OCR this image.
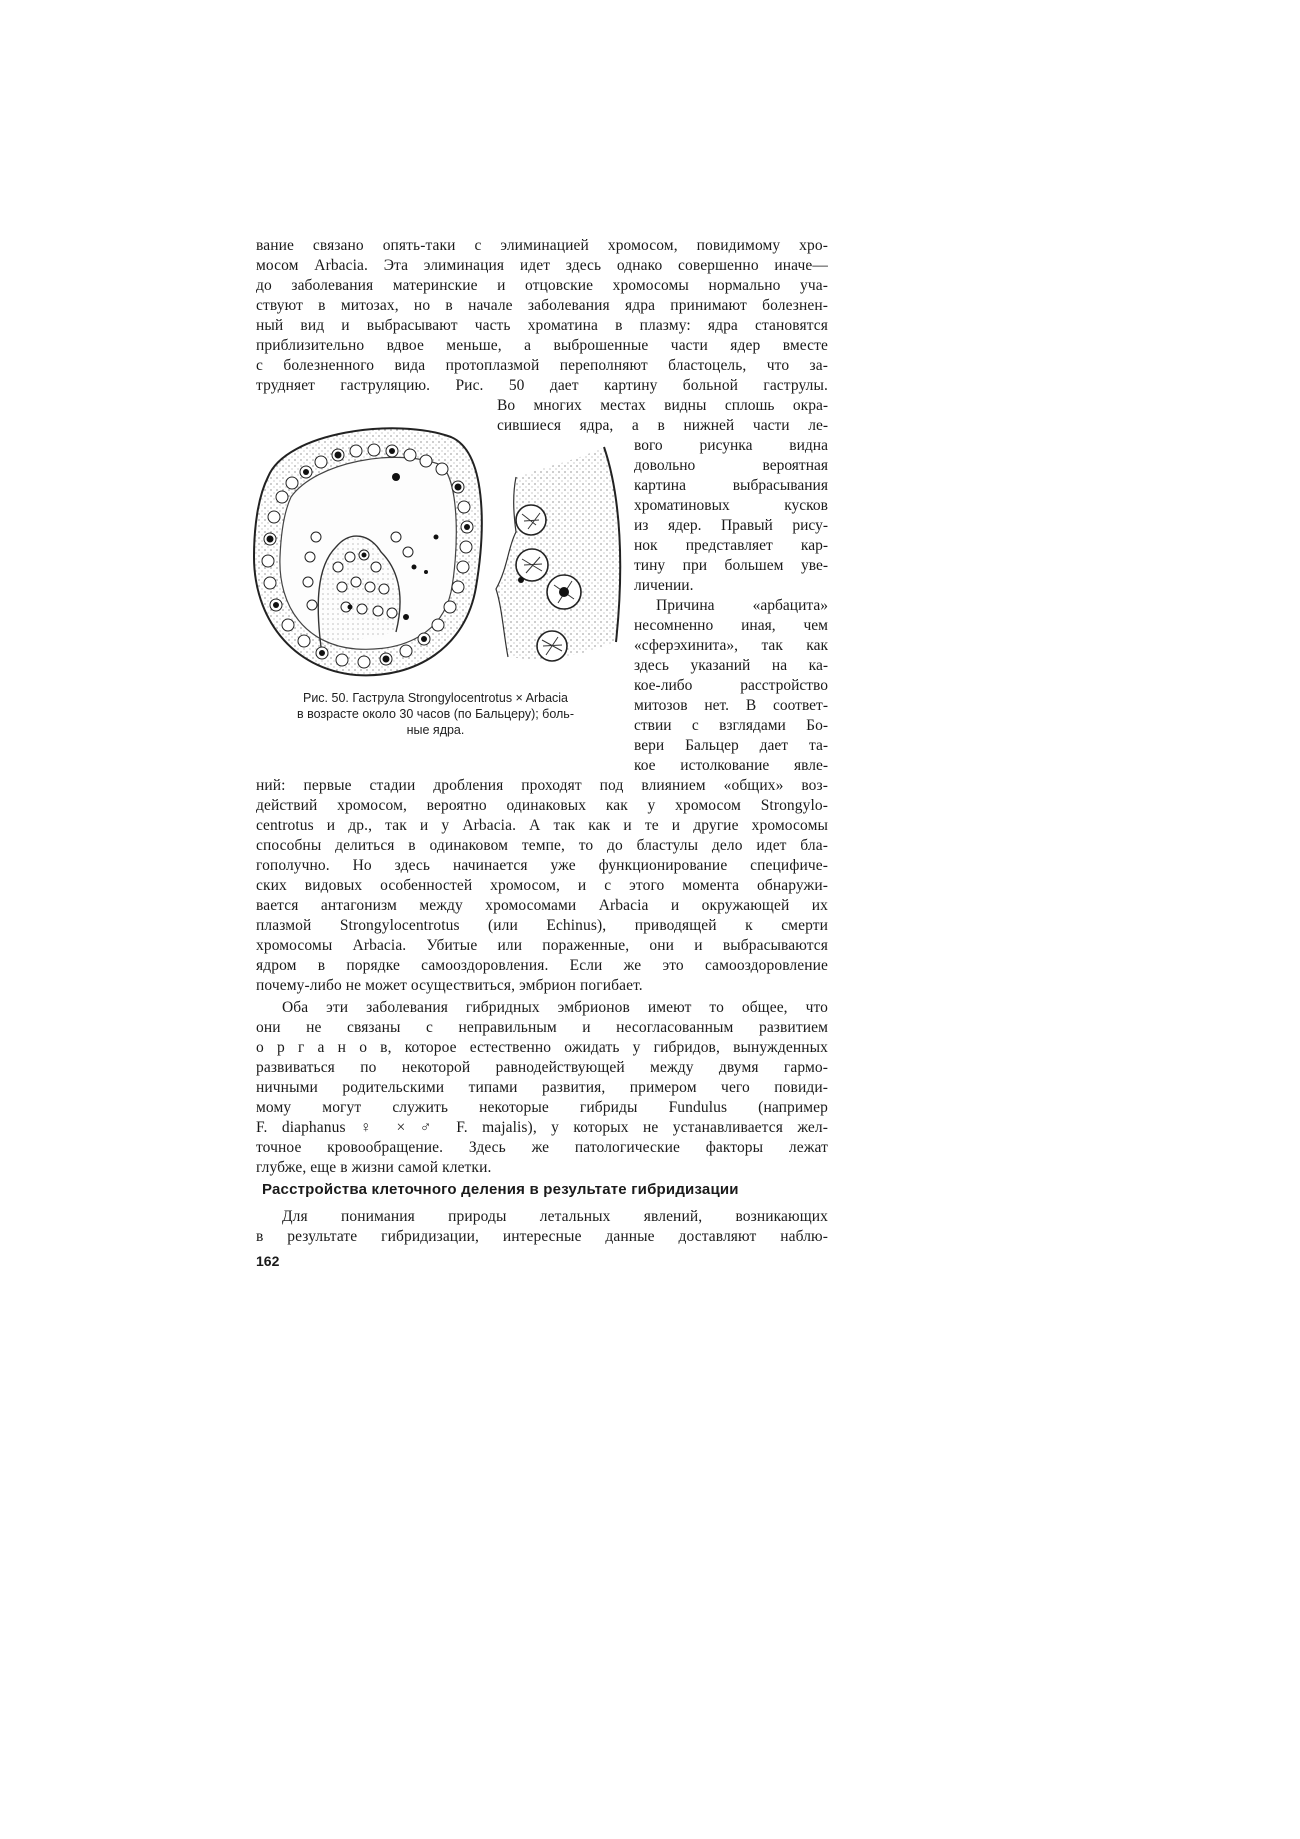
вание связано опять-таки с элиминацией хромосом, повидимому хро-
мосом Arbacia. Эта элиминация идет здесь однако совершенно иначе—
до заболевания материнские и отцовские хромосомы нормально уча-
ствуют в митозах, но в начале заболевания ядра принимают болезнен-
ный вид и выбрасывают часть хроматина в плазму: ядра становятся
приблизительно вдвое меньше, а выброшенные части ядер вместе
с болезненного вида протоплазмой переполняют бластоцель, что за-
трудняет гаструляцию. Рис. 50 дает картину больной гаструлы.
Во многих местах видны сплошь окра-
сившиеся ядра, а в нижней части ле-
вого рисунка видна
довольно вероятная
картина выбрасывания
хроматиновых кусков
из ядер. Правый рису-
нок представляет кар-
тину при большем уве-
личении.
Причина «арбацита»
несомненно иная, чем
«сферэхинита», так как
здесь указаний на ка-
кое-либо расстройство
митозов нет. В соответ-
ствии с взглядами Бо-
вери Бальцер дает та-
кое истолкование явле-
Рис. 50. Гаструла Strongylocentrotus × Arbacia
в возрасте около 30 часов (по Бальцеру); боль-
ные ядра.
ний: первые стадии дробления проходят под влиянием «общих» воз-
действий хромосом, вероятно одинаковых как у хромосом Strongylo-
centrotus и др., так и у Arbacia. А так как и те и другие хромосомы
способны делиться в одинаковом темпе, то до бластулы дело идет бла-
гополучно. Но здесь начинается уже функционирование специфиче-
ских видовых особенностей хромосом, и с этого момента обнаружи-
вается антагонизм между хромосомами Arbacia и окружающей их
плазмой Strongylocentrotus (или Echinus), приводящей к смерти
хромосомы Arbacia. Убитые или пораженные, они и выбрасываются
ядром в порядке самооздоровления. Если же это самооздоровление
почему-либо не может осуществиться, эмбрион погибает.
Оба эти заболевания гибридных эмбрионов имеют то общее, что
они не связаны с неправильным и несогласованным развитием
о р г а н о в, которое естественно ожидать у гибридов, вынужденных
развиваться по некоторой равнодействующей между двумя гармо-
ничными родительскими типами развития, примером чего повиди-
мому могут служить некоторые гибриды Fundulus (например
F. diaphanus ♀ × ♂ F. majalis), у которых не устанавливается жел-
точное кровообращение. Здесь же патологические факторы лежат
Расстройства клеточного деления в результате гибридизации
Для понимания природы летальных явлений, возникающих
в результате гибридизации, интересные данные доставляют наблю-
162
глубже, еще в жизни самой клетки.
